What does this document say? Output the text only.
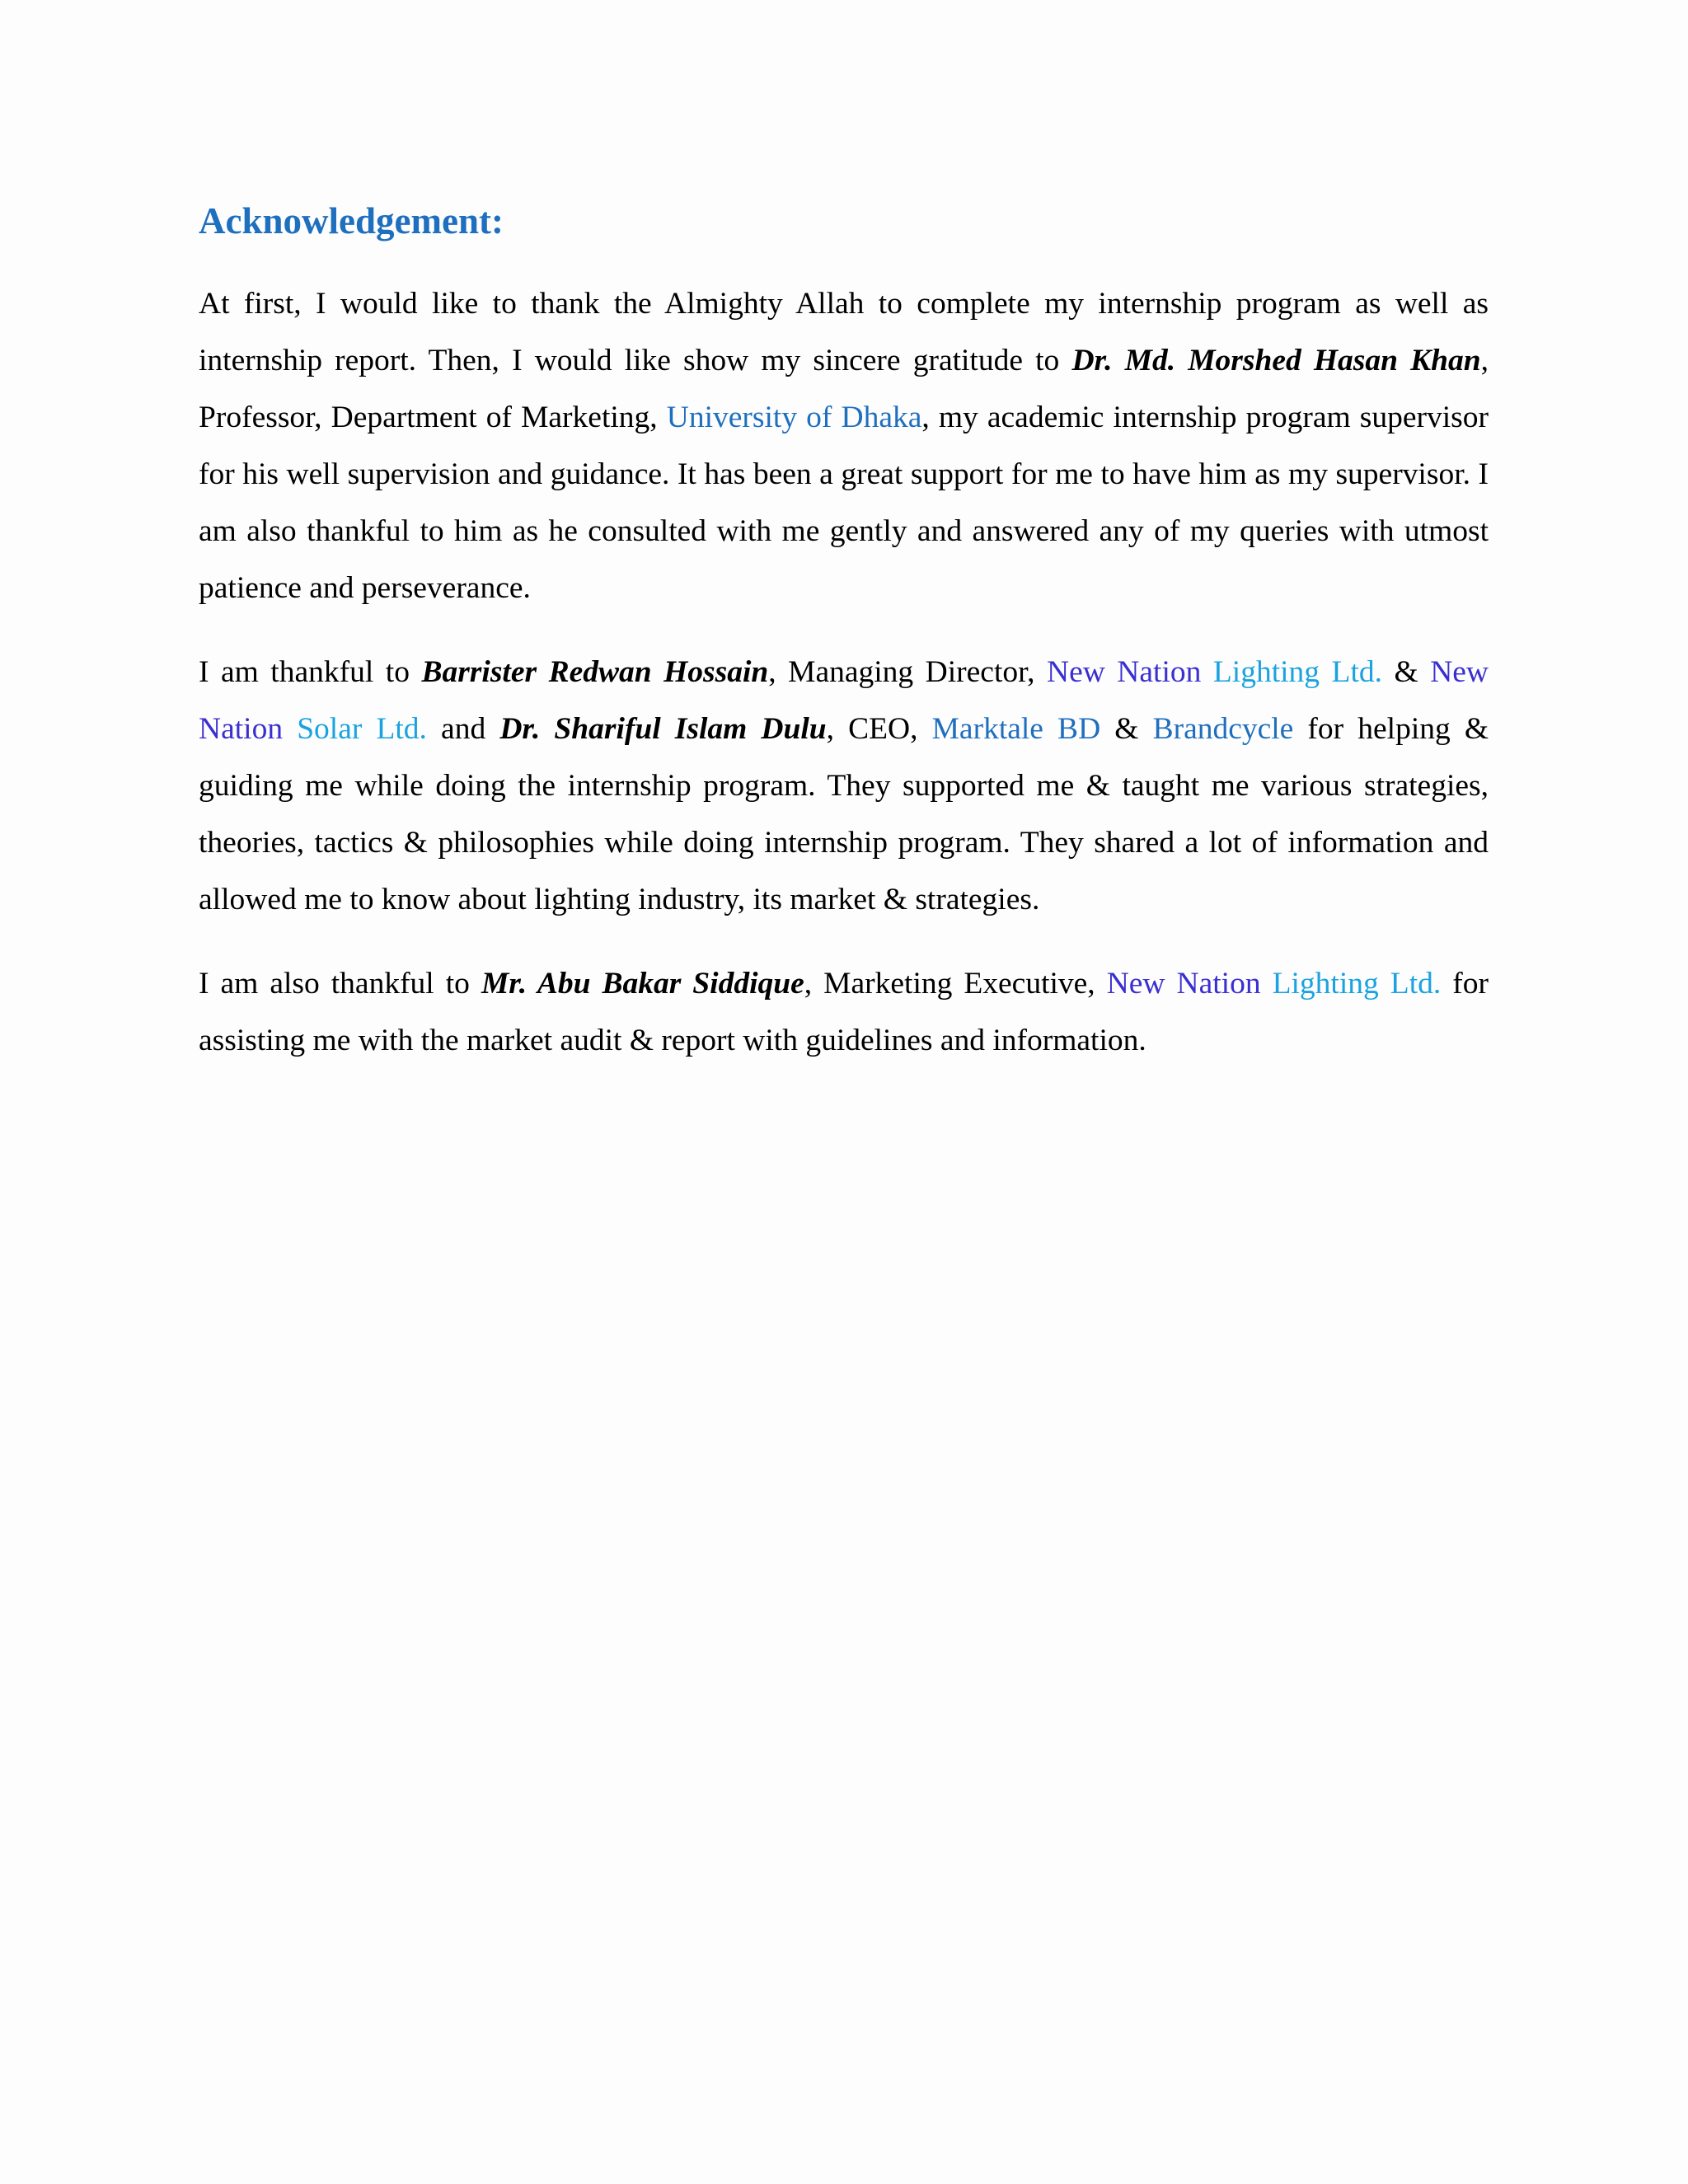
Acknowledgement:

At first, I would like to thank the Almighty Allah to complete my internship program as well as internship report. Then, I would like show my sincere gratitude to Dr. Md. Morshed Hasan Khan, Professor, Department of Marketing, University of Dhaka, my academic internship program supervisor for his well supervision and guidance. It has been a great support for me to have him as my supervisor. I am also thankful to him as he consulted with me gently and answered any of my queries with utmost patience and perseverance.

I am thankful to Barrister Redwan Hossain, Managing Director, New Nation Lighting Ltd. & New Nation Solar Ltd. and Dr. Shariful Islam Dulu, CEO, Marktale BD & Brandcycle for helping & guiding me while doing the internship program. They supported me & taught me various strategies, theories, tactics & philosophies while doing internship program. They shared a lot of information and allowed me to know about lighting industry, its market & strategies.

I am also thankful to Mr. Abu Bakar Siddique, Marketing Executive, New Nation Lighting Ltd. for assisting me with the market audit & report with guidelines and information.
